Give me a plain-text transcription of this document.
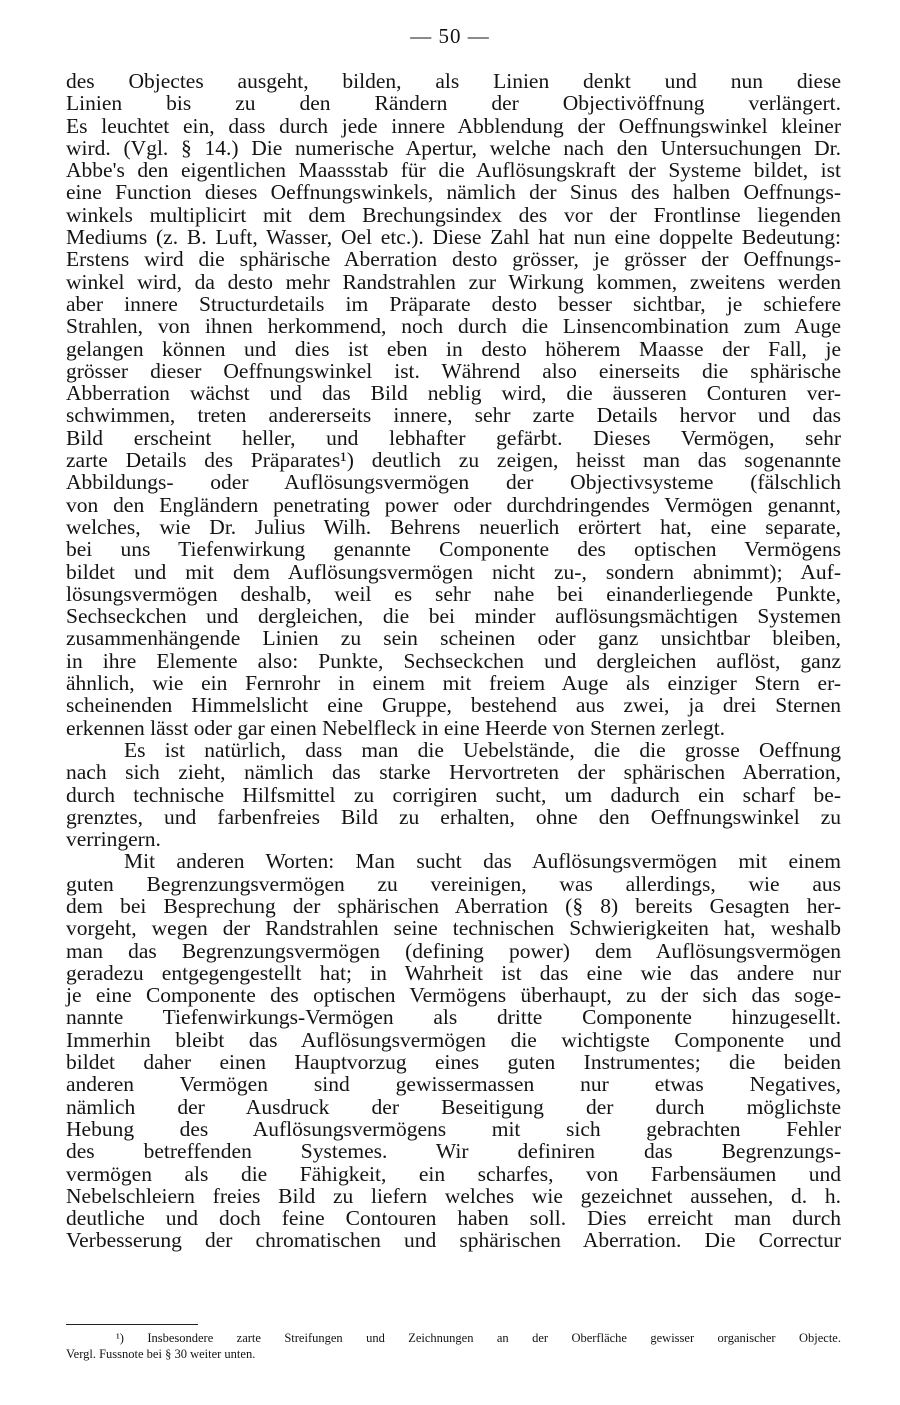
— 50 —
des Objectes ausgeht, bilden, als Linien denkt und nun diese
Linien bis zu den Rändern der Objectivöffnung verlängert.
Es leuchtet ein, dass durch jede innere Abblendung der Oeffnungswinkel kleiner
wird. (Vgl. § 14.) Die numerische Apertur, welche nach den Untersuchungen Dr.
Abbe's den eigentlichen Maassstab für die Auflösungskraft der Systeme bildet, ist
eine Function dieses Oeffnungswinkels, nämlich der Sinus des halben Oeffnungs-
winkels multiplicirt mit dem Brechungsindex des vor der Frontlinse liegenden
Mediums (z. B. Luft, Wasser, Oel etc.). Diese Zahl hat nun eine doppelte Bedeutung:
Erstens wird die sphärische Aberration desto grösser, je grösser der Oeffnungs-
winkel wird, da desto mehr Randstrahlen zur Wirkung kommen, zweitens werden
aber innere Structurdetails im Präparate desto besser sichtbar, je schiefere
Strahlen, von ihnen herkommend, noch durch die Linsencombination zum Auge
gelangen können und dies ist eben in desto höherem Maasse der Fall, je
grösser dieser Oeffnungswinkel ist. Während also einerseits die sphärische
Abberration wächst und das Bild neblig wird, die äusseren Conturen ver-
schwimmen, treten andererseits innere, sehr zarte Details hervor und das
Bild erscheint heller, und lebhafter gefärbt. Dieses Vermögen, sehr
zarte Details des Präparates¹) deutlich zu zeigen, heisst man das sogenannte
Abbildungs- oder Auflösungsvermögen der Objectivsysteme (fälschlich
von den Engländern penetrating power oder durchdringendes Vermögen genannt,
welches, wie Dr. Julius Wilh. Behrens neuerlich erörtert hat, eine separate,
bei uns Tiefenwirkung genannte Componente des optischen Vermögens
bildet und mit dem Auflösungsvermögen nicht zu-, sondern abnimmt); Auf-
lösungsvermögen deshalb, weil es sehr nahe bei einanderliegende Punkte,
Sechseckchen und dergleichen, die bei minder auflösungsmächtigen Systemen
zusammenhängende Linien zu sein scheinen oder ganz unsichtbar bleiben,
in ihre Elemente also: Punkte, Sechseckchen und dergleichen auflöst, ganz
ähnlich, wie ein Fernrohr in einem mit freiem Auge als einziger Stern er-
scheinenden Himmelslicht eine Gruppe, bestehend aus zwei, ja drei Sternen
erkennen lässt oder gar einen Nebelfleck in eine Heerde von Sternen zerlegt.
Es ist natürlich, dass man die Uebelstände, die die grosse Oeffnung
nach sich zieht, nämlich das starke Hervortreten der sphärischen Aberration,
durch technische Hilfsmittel zu corrigiren sucht, um dadurch ein scharf be-
grenztes, und farbenfreies Bild zu erhalten, ohne den Oeffnungswinkel zu
verringern.
Mit anderen Worten: Man sucht das Auflösungsvermögen mit einem
guten Begrenzungsvermögen zu vereinigen, was allerdings, wie aus
dem bei Besprechung der sphärischen Aberration (§ 8) bereits Gesagten her-
vorgeht, wegen der Randstrahlen seine technischen Schwierigkeiten hat, weshalb
man das Begrenzungsvermögen (defining power) dem Auflösungsvermögen
geradezu entgegengestellt hat; in Wahrheit ist das eine wie das andere nur
je eine Componente des optischen Vermögens überhaupt, zu der sich das soge-
nannte Tiefenwirkungs-Vermögen als dritte Componente hinzugesellt.
Immerhin bleibt das Auflösungsvermögen die wichtigste Componente und
bildet daher einen Hauptvorzug eines guten Instrumentes; die beiden
anderen Vermögen sind gewissermassen nur etwas Negatives,
nämlich der Ausdruck der Beseitigung der durch möglichste
Hebung des Auflösungsvermögens mit sich gebrachten Fehler
des betreffenden Systemes. Wir definiren das Begrenzungs-
vermögen als die Fähigkeit, ein scharfes, von Farbensäumen und
Nebelschleiern freies Bild zu liefern welches wie gezeichnet aussehen, d. h.
deutliche und doch feine Contouren haben soll. Dies erreicht man durch
Verbesserung der chromatischen und sphärischen Aberration. Die Correctur
¹) Insbesondere zarte Streifungen und Zeichnungen an der Oberfläche gewisser organischer Objecte.
Vergl. Fussnote bei § 30 weiter unten.
